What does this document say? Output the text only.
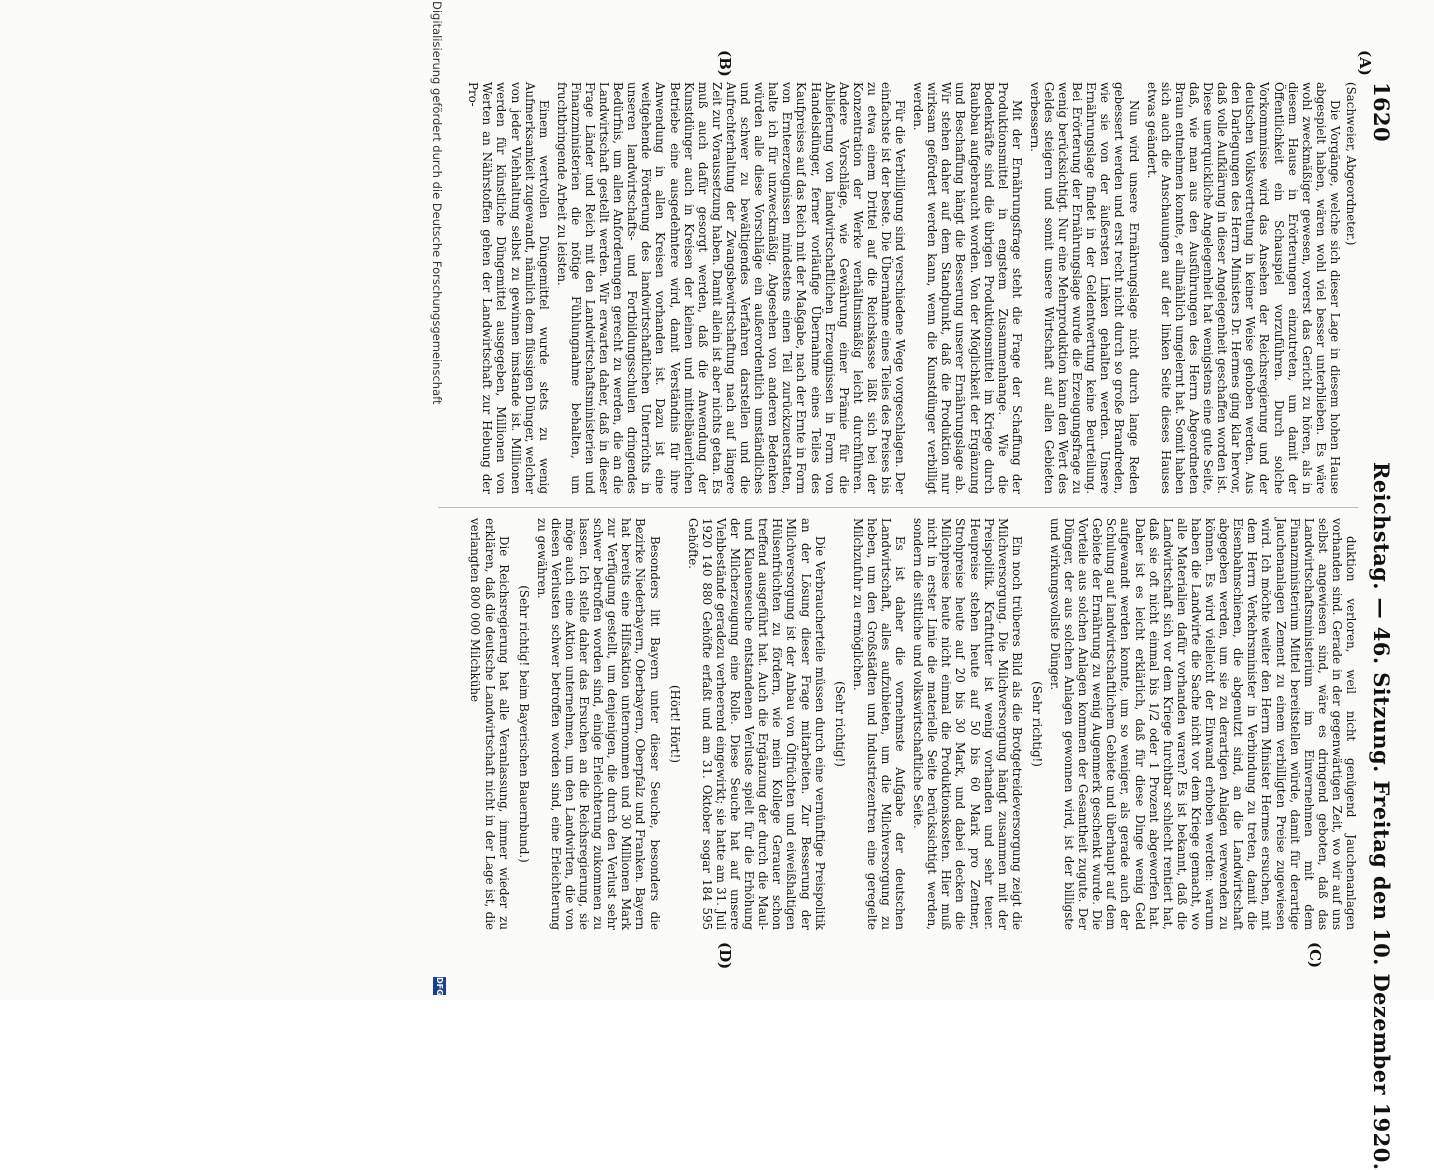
1620
Reichstag. — 46. Sitzung. Freitag den 10. Dezember 1920.
(A)
(B)
(C)
(D)

(Sachweier, Abgeordneter.)

Die Vorgänge, welche sich dieser Lage in diesem hohen Hause abgespielt haben, wären wohl viel besser unterblieben. Es wäre wohl zweckmäßiger gewesen, vorerst das Gericht zu hören, als in diesem Hause in Erörterungen einzutreten, um damit der Öffentlichkeit ein Schauspiel vorzuführen. Durch solche Vorkommnisse wird das Ansehen der Reichsregierung und der deutschen Volksvertretung in keiner Weise gehoben werden. Aus den Darlegungen des Herrn Ministers Dr. Hermes ging klar hervor, daß volle Aufklärung in dieser Angelegenheit geschaffen worden ist. Diese unerquickliche Angelegenheit hat wenigstens eine gute Seite, daß, wie man aus den Ausführungen des Herrn Abgeordneten Braun entnehmen konnte, er allmählich umgelernt hat. Somit haben sich auch die Anschauungen auf der linken Seite dieses Hauses etwas geändert.

Nun wird unsere Ernährungslage nicht durch lange Reden gebessert werden und erst recht nicht durch so große Brandreden, wie sie von der äußersten Linken gehalten werden. Unsere Ernährungslage findet in der Geldentwertung keine Beurteilung. Bei Erörterung der Ernährungslage wurde die Erzeugungsfrage zu wenig berücksichtigt. Nur eine Mehrproduktion kann den Wert des Geldes steigern und somit unsere Wirtschaft auf allen Gebieten verbessern.

Mit der Ernährungsfrage steht die Frage der Schaffung der Produktionsmittel in engstem Zusammenhange. Wie die Bodenkräfte sind die übrigen Produktionsmittel im Kriege durch Raubbau aufgebraucht worden. Von der Möglichkeit der Ergänzung und Beschaffung hängt die Besserung unserer Ernährungslage ab. Wir stehen daher auf dem Standpunkt, daß die Produktion nur wirksam gefördert werden kann, wenn die Kunstdünger verbilligt werden.

Für die Verbilligung sind verschiedene Wege vorgeschlagen. Der einfachste ist der beste. Die Übernahme eines Teiles des Preises bis zu etwa einem Drittel auf die Reichskasse läßt sich bei der Konzentration der Werke verhältnismäßig leicht durchführen. Andere Vorschläge, wie Gewährung einer Prämie für die Ablieferung von landwirtschaftlichen Erzeugnissen in Form von Handelsdünger, ferner vorläufige Übernahme eines Teiles des Kaufpreises auf das Reich mit der Maßgabe, nach der Ernte in Form von Ernteerzeugnissen mindestens einen Teil zurückzuerstatten, halte ich für unzweckmäßig. Abgesehen von anderen Bedenken würden alle diese Vorschläge ein außerordentlich umständliches und schwer zu bewältigendes Verfahren darstellen und die Aufrechterhaltung der Zwangsbewirtschaftung nach auf längere Zeit zur Voraussetzung haben. Damit allein ist aber nichts getan. Es muß auch dafür gesorgt werden, daß die Anwendung der Kunstdünger auch in Kreisen der kleinen und mittelbäuerlichen Betriebe eine ausgedehntere wird, damit Verständnis für ihre Anwendung in allen Kreisen vorhanden ist. Dazu ist eine weitgehende Förderung des landwirtschaftlichen Unterrichts in unseren landwirtschafts- und Fortbildungsschulen dringendes Bedürfnis, um allen Anforderungen gerecht zu werden, die an die Landwirtschaft gestellt werden. Wir erwarten daher, daß in dieser Frage Länder und Reich mit den Landwirtschaftsministerien und Finanzministerien die nötige Fühlungnahme behalten, um fruchtbringende Arbeit zu leisten.

Einem wertvollen Düngemittel wurde stets zu wenig Aufmerksamkeit zugewandt, nämlich dem flüssigen Dünger, welcher von jeder Viehhaltung selbst zu gewinnen imstande ist. Millionen werden für künstliche Düngemittel ausgegeben, Millionen von Werten an Nährstoffen gehen der Landwirtschaft zur Hebung der Pro-

duktion verloren, weil nicht genügend Jauchenanlagen vorhanden sind. Gerade in der gegenwärtigen Zeit, wo wir auf uns selbst angewiesen sind, wäre es dringend geboten, daß das Landwirtschaftsministerium im Einvernehmen mit dem Finanzministerium Mittel bereitstellen würde, damit für derartige Jauchenanlagen Zement zu einem verbilligten Preise zugewiesen wird. Ich möchte weiter den Herrn Minister Hermes ersuchen, mit dem Herrn Verkehrsminister in Verbindung zu treten, damit die Eisenbahnschienen, die abgenutzt sind, an die Landwirtschaft abgegeben werden, um sie zu derartigen Anlagen verwenden zu können. Es wird vielleicht der Einwand erhoben werden: warum haben die Landwirte die Sache nicht vor dem Kriege gemacht, wo alle Materialien dafür vorhanden waren? Es ist bekannt, daß die Landwirtschaft sich vor dem Kriege furchtbar schlecht rentiert hat, daß sie oft nicht einmal bis 1/2 oder 1 Prozent abgeworfen hat. Daher ist es leicht erklärlich, daß für diese Dinge wenig Geld aufgewandt werden konnte, um so weniger, als gerade auch der Schulung auf landwirtschaftlichem Gebiete und überhaupt auf dem Gebiete der Ernährung zu wenig Augenmerk geschenkt wurde. Die Vorteile aus solchen Anlagen kommen der Gesamtheit zugute. Der Dünger, der aus solchen Anlagen gewonnen wird, ist der billigste und wirkungsvollste Dünger.

(Sehr richtig!)

Ein noch trüberes Bild als die Brotgetreideversorgung zeigt die Milchversorgung. Die Milchversorgung hängt zusammen mit der Preispolitik. Kraftfutter ist wenig vorhanden und sehr teuer. Heupreise stehen heute auf 50 bis 60 Mark pro Zentner, Strohpreise heute auf 20 bis 30 Mark, und dabei decken die Milchpreise heute nicht einmal die Produktionskosten. Hier muß nicht in erster Linie die materielle Seite berücksichtigt werden, sondern die sittliche und volkswirtschaftliche Seite.

Es ist daher die vornehmste Aufgabe der deutschen Landwirtschaft, alles aufzubieten, um die Milchversorgung zu heben, um den Großstädten und Industriezentren eine geregelte Milchzufuhr zu ermöglichen.

(Sehr richtig!)

Die Verbraucherteile müssen durch eine vernünftige Preispolitik an der Lösung dieser Frage mitarbeiten. Zur Besserung der Milchversorgung ist der Anbau von Ölfrüchten und eiweißhaltigen Hülsenfrüchten zu fördern, wie mein Kollege Gerauer schon treffend ausgeführt hat. Auch die Ergänzung der durch die Maul- und Klauenseuche entstandenen Verluste spielt für die Erhöhung der Milcherzeugung eine Rolle. Diese Seuche hat auf unsere Viehbestände geradezu verheerend eingewirkt; sie hatte am 31. Juli 1920 140 880 Gehöfte erfaßt und am 31. Oktober sogar 184 595 Gehöfte.

(Hört! Hört!)

Besonders litt Bayern unter dieser Seuche, besonders die Bezirke Niederbayern, Oberbayern, Oberpfalz und Franken. Bayern hat bereits eine Hilfsaktion unternommen und 30 Millionen Mark zur Verfügung gestellt, um denjenigen, die durch den Verlust sehr schwer betroffen worden sind, einige Erleichterung zukommen zu lassen. Ich stelle daher das Ersuchen an die Reichsregierung, sie möge auch eine Aktion unternehmen, um den Landwirten, die von diesen Verlusten schwer betroffen worden sind, eine Erleichterung zu gewähren.

(Sehr richtig! beim Bayerischen Bauernbund.)

Die Reichsregierung hat alle Veranlassung, immer wieder zu erklären, daß die deutsche Landwirtschaft nicht in der Lage ist, die verlangten 800 000 Milchkühe

Digitalisierung gefördert durch die Deutsche Forschungsgemeinschaft
DFG
